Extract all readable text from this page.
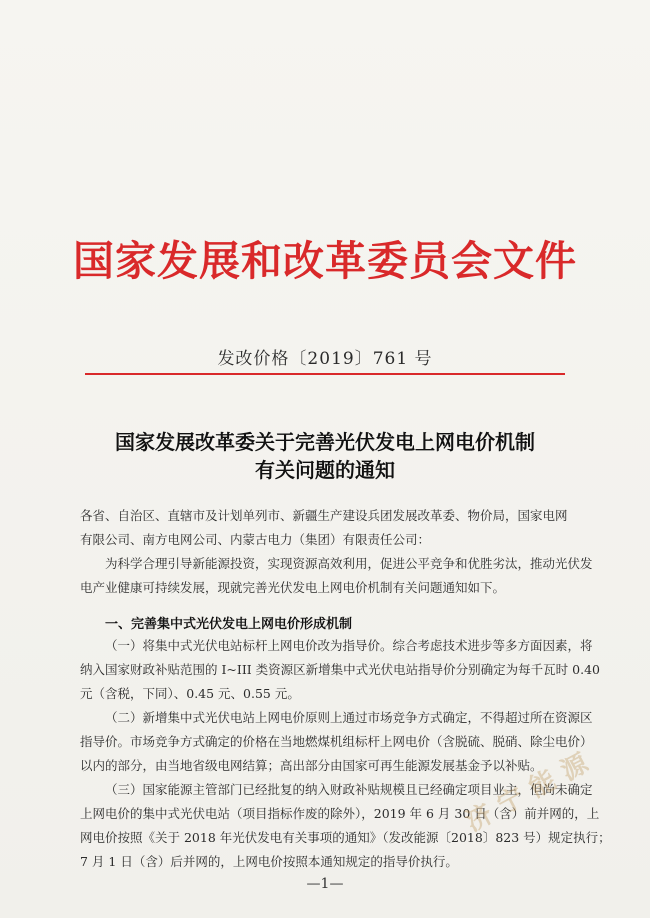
国家发展和改革委员会文件
发改价格〔2019〕761 号
国家发展改革委关于完善光伏发电上网电价机制
有关问题的通知
各省、自治区、直辖市及计划单列市、新疆生产建设兵团发展改革委、物价局，国家电网
有限公司、南方电网公司、内蒙古电力（集团）有限责任公司：
为科学合理引导新能源投资，实现资源高效利用，促进公平竞争和优胜劣汰，推动光伏发
电产业健康可持续发展，现就完善光伏发电上网电价机制有关问题通知如下。
一、完善集中式光伏发电上网电价形成机制
（一）将集中式光伏电站标杆上网电价改为指导价。综合考虑技术进步等多方面因素，将
纳入国家财政补贴范围的 I~III 类资源区新增集中式光伏电站指导价分别确定为每千瓦时 0.40
元（含税，下同）、0.45 元、0.55 元。
（二）新增集中式光伏电站上网电价原则上通过市场竞争方式确定，不得超过所在资源区
指导价。市场竞争方式确定的价格在当地燃煤机组标杆上网电价（含脱硫、脱硝、除尘电价）
以内的部分，由当地省级电网结算；高出部分由国家可再生能源发展基金予以补贴。
（三）国家能源主管部门已经批复的纳入财政补贴规模且已经确定项目业主，但尚未确定
上网电价的集中式光伏电站（项目指标作废的除外），2019 年 6 月 30 日（含）前并网的，上
网电价按照《关于 2018 年光伏发电有关事项的通知》（发改能源〔2018〕823 号）规定执行；
7 月 1 日（含）后并网的，上网电价按照本通知规定的指导价执行。
济宁能源
—1—
